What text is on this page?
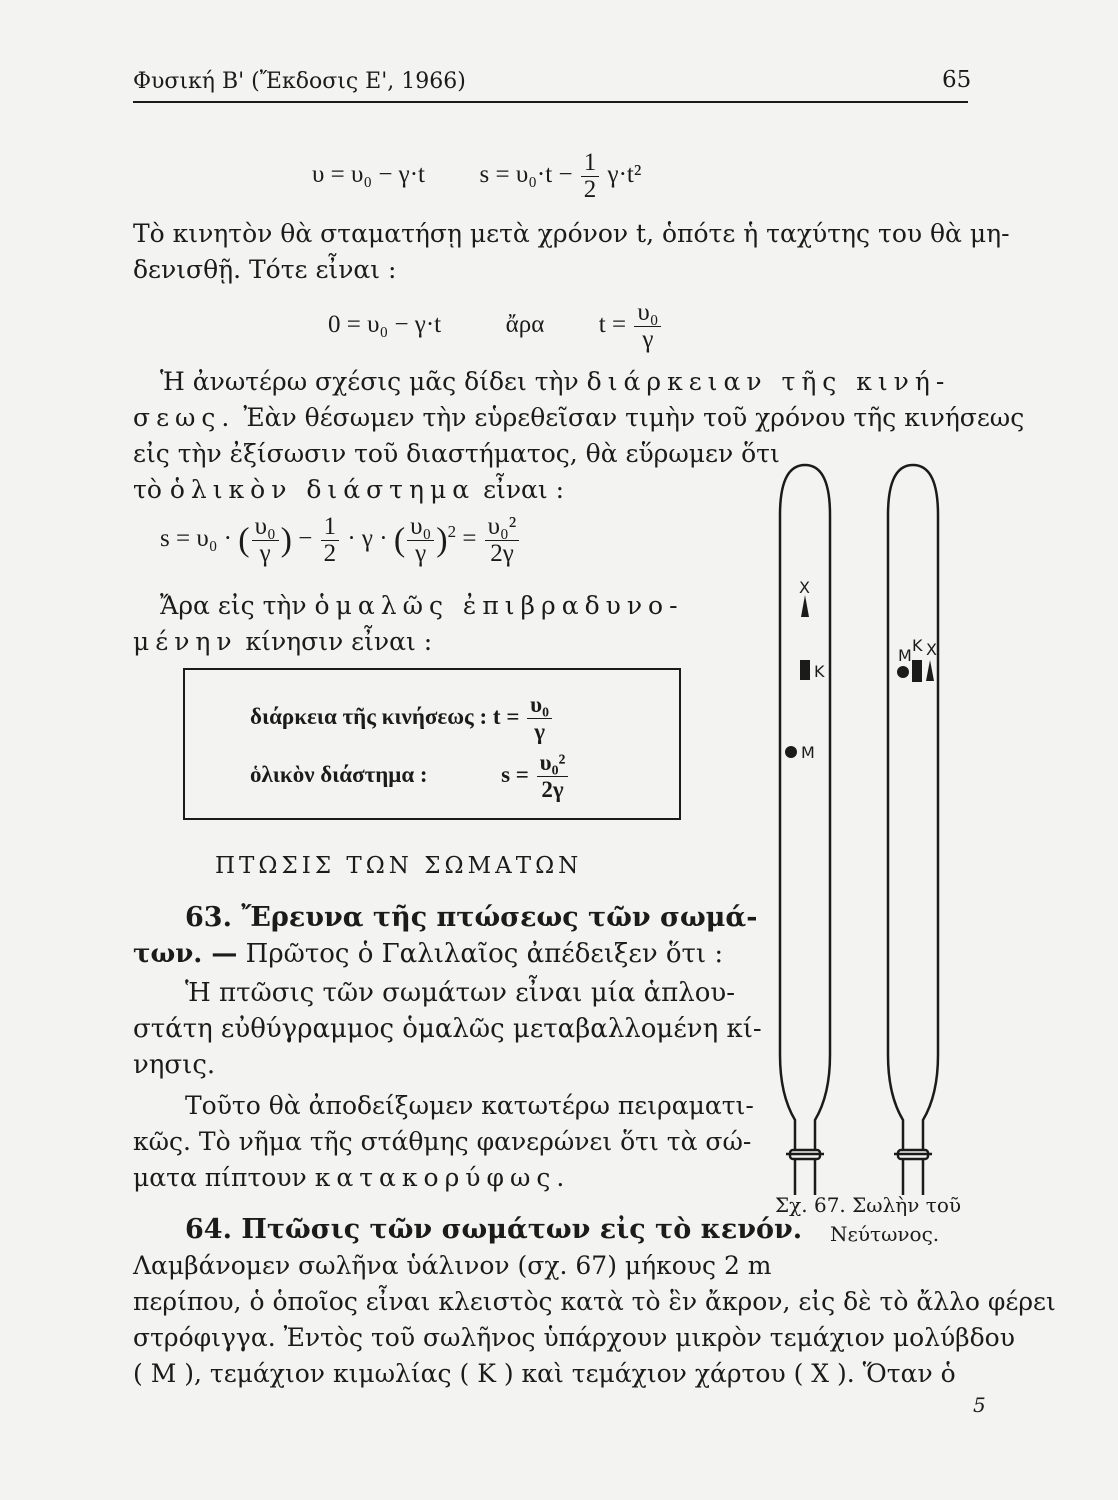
Φυσική Β' (Ἔκδοσις Ε', 1966)	65
υ = υ₀ − γ·t $s = \upsilon_0\cdot t - \frac{1}{2} \gamma\cdot t^2$
Τὸ κινητὸν θὰ σταματήσῃ μετὰ χρόνον t, ὁπότε ἡ ταχύτης του θὰ μη-
δενισθῇ. Τότε εἶναι :
0 = υ₀ − γ·t	ἄρα $t = \frac{\text{υ₀}}{\gamma}$
Ἡ ἀνωτέρω σχέσις μᾶς δίδει τὴν διάρκειαν τῆς κινή-
σεως. Ἐὰν θέσωμεν τὴν εὑρεθεῖσαν τιμὴν τοῦ χρόνου τῆς κινήσεως
εἰς τὴν ἐξίσωσιν τοῦ διαστήματος, θὰ εὕρωμεν ὅτι
τὸ ὁλικὸν διάστημα εἶναι :
s = υ₀ · ( $\frac{\text{υ₀}}{\gamma}$ ) − $\frac{1}{2} \cdot \gamma$ · ( $\frac{\text{υ₀}}{\gamma} )^2 = \frac{\text{υ₀²}}{2\gamma}$
Ἄρα εἰς τὴν ὁμαλῶς ἐπιβραδυνο-
μένην κίνησιν εἶναι :
διάρκεια τῆς κινήσεως : $t = \frac{\text{υ₀}}{\gamma}$
ὁλικὸν διάστημα :	$s = \frac{\text{υ₀²}}{2\gamma}$
ΠΤΩΣΙΣ ΤΩΝ ΣΩΜΑΤΩΝ
63. Ἔρευνα τῆς πτώσεως τῶν σωμά-
των. — Πρῶτος ὁ Γαλιλαῖος ἀπέδειξεν ὅτι :
Ἡ πτῶσις τῶν σωμάτων εἶναι μία ἁπλου-
στάτη εὐθύγραμμος ὁμαλῶς μεταβαλλομένη κί-
νησις.
Τοῦτο θὰ ἀποδείξωμεν κατωτέρω πειραματι-
κῶς. Τὸ νῆμα τῆς στάθμης φανερώνει ὅτι τὰ σώ-
ματα πίπτουν κατακορύφως.
64. Πτῶσις τῶν σωμάτων εἰς τὸ κενόν.
Λαμβάνομεν σωλῆνα ὑάλινον (σχ. 67) μήκους 2 m
περίπου, ὁ ὁποῖος εἶναι κλειστὸς κατὰ τὸ ἓν ἄκρον, εἰς δὲ τὸ ἄλλο φέρει
στρόφιγγα. Ἐντὸς τοῦ σωλῆνος ὑπάρχουν μικρὸν τεμάχιον μολύβδου
( Μ ), τεμάχιον κιμωλίας ( Κ ) καὶ τεμάχιον χάρτου ( Χ ). Ὅταν ὁ
Χ
Κ
Μ
Μ
Κ Χ
Σχ. 67. Σωλὴν τοῦ
Νεύτωνος.
5
